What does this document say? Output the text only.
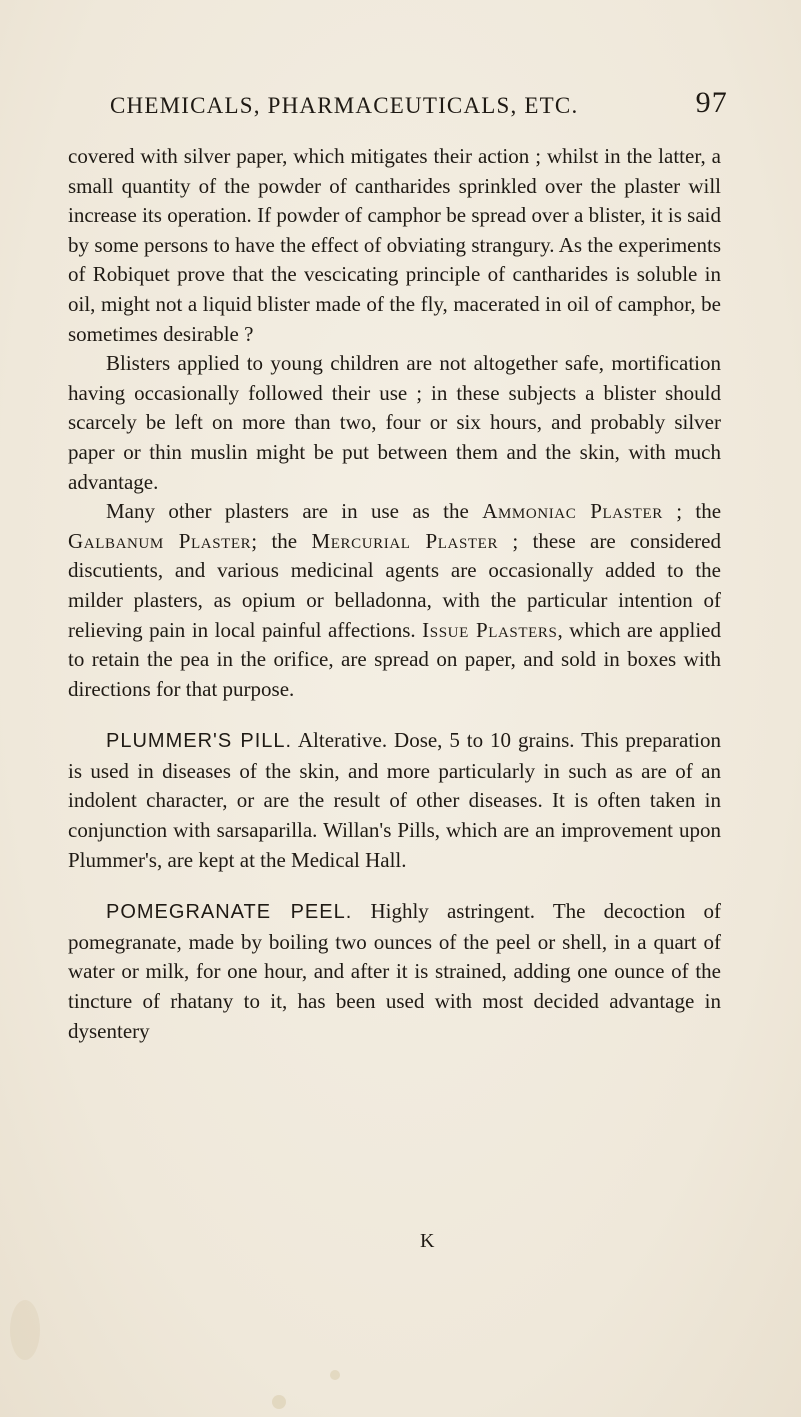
CHEMICALS, PHARMACEUTICALS, ETC.	97

covered with silver paper, which mitigates their action ; whilst in the latter, a small quantity of the powder of cantharides sprinkled over the plaster will increase its operation. If powder of camphor be spread over a blister, it is said by some persons to have the effect of obviating strangury. As the experiments of Robiquet prove that the vescicating principle of cantharides is soluble in oil, might not a liquid blister made of the fly, macerated in oil of camphor, be sometimes desirable ?

Blisters applied to young children are not altogether safe, mortification having occasionally followed their use ; in these subjects a blister should scarcely be left on more than two, four or six hours, and probably silver paper or thin muslin might be put between them and the skin, with much advantage.

Many other plasters are in use as the Ammoniac Plaster ; the Galbanum Plaster; the Mercurial Plaster ; these are considered discutients, and various medicinal agents are occasionally added to the milder plasters, as opium or belladonna, with the particular intention of relieving pain in local painful affections. Issue Plasters, which are applied to retain the pea in the orifice, are spread on paper, and sold in boxes with directions for that purpose.

PLUMMER'S PILL. Alterative. Dose, 5 to 10 grains. This preparation is used in diseases of the skin, and more particularly in such as are of an indolent character, or are the result of other diseases. It is often taken in conjunction with sarsaparilla. Willan's Pills, which are an improvement upon Plummer's, are kept at the Medical Hall.

POMEGRANATE PEEL. Highly astringent. The decoction of pomegranate, made by boiling two ounces of the peel or shell, in a quart of water or milk, for one hour, and after it is strained, adding one ounce of the tincture of rhatany to it, has been used with most decided advantage in dysentery

K
